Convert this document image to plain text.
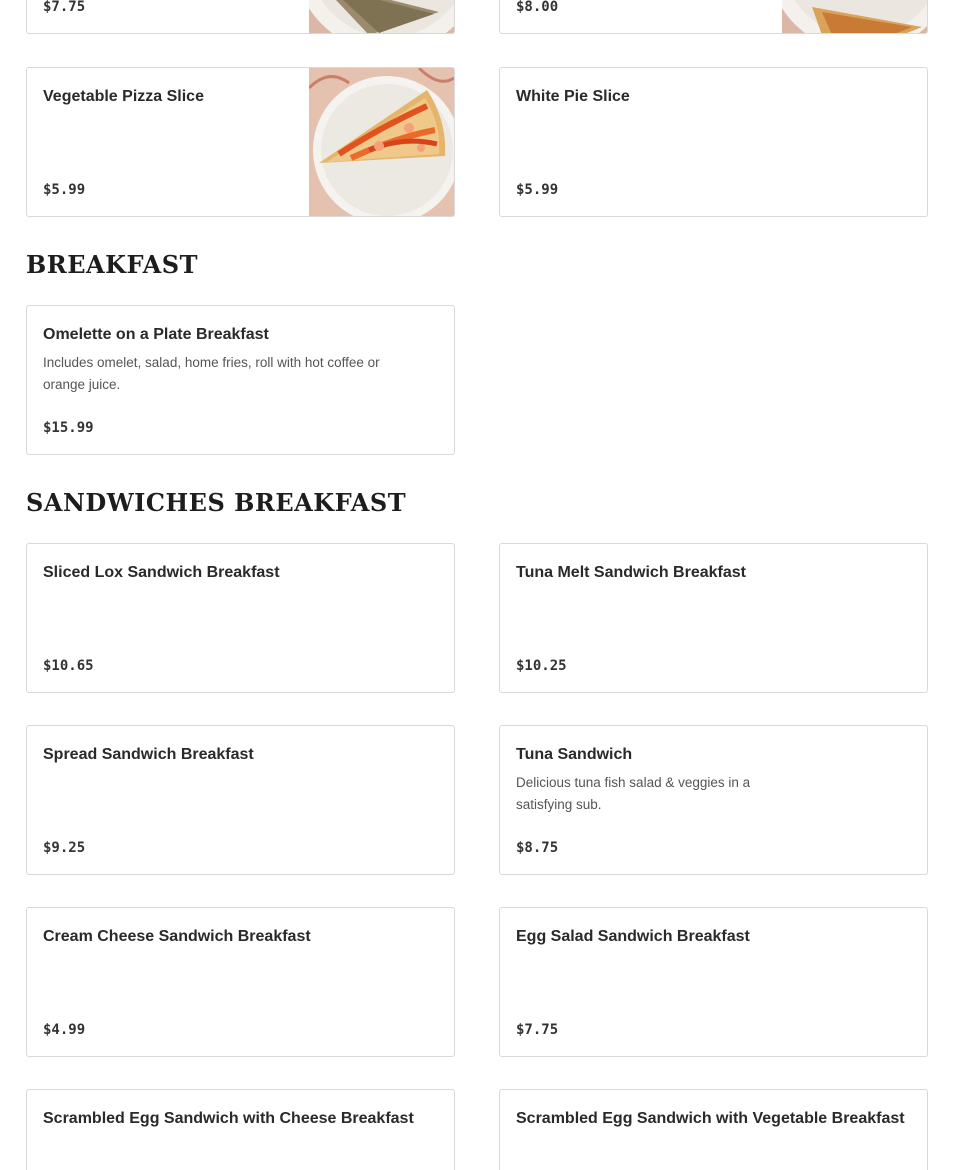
$7.75	$8.00
Vegetable Pizza Slice
$5.99
White Pie Slice
$5.99
BREAKFAST
Omelette on a Plate Breakfast
Includes omelet, salad, home fries, roll with hot coffee or orange juice.
$15.99
SANDWICHES BREAKFAST
Sliced Lox Sandwich Breakfast
$10.65
Tuna Melt Sandwich Breakfast
$10.25
Spread Sandwich Breakfast
$9.25
Tuna Sandwich
Delicious tuna fish salad & veggies in a satisfying sub.
$8.75
Cream Cheese Sandwich Breakfast
$4.99
Egg Salad Sandwich Breakfast
$7.75
Scrambled Egg Sandwich with Cheese Breakfast	Scrambled Egg Sandwich with Vegetable Breakfast
